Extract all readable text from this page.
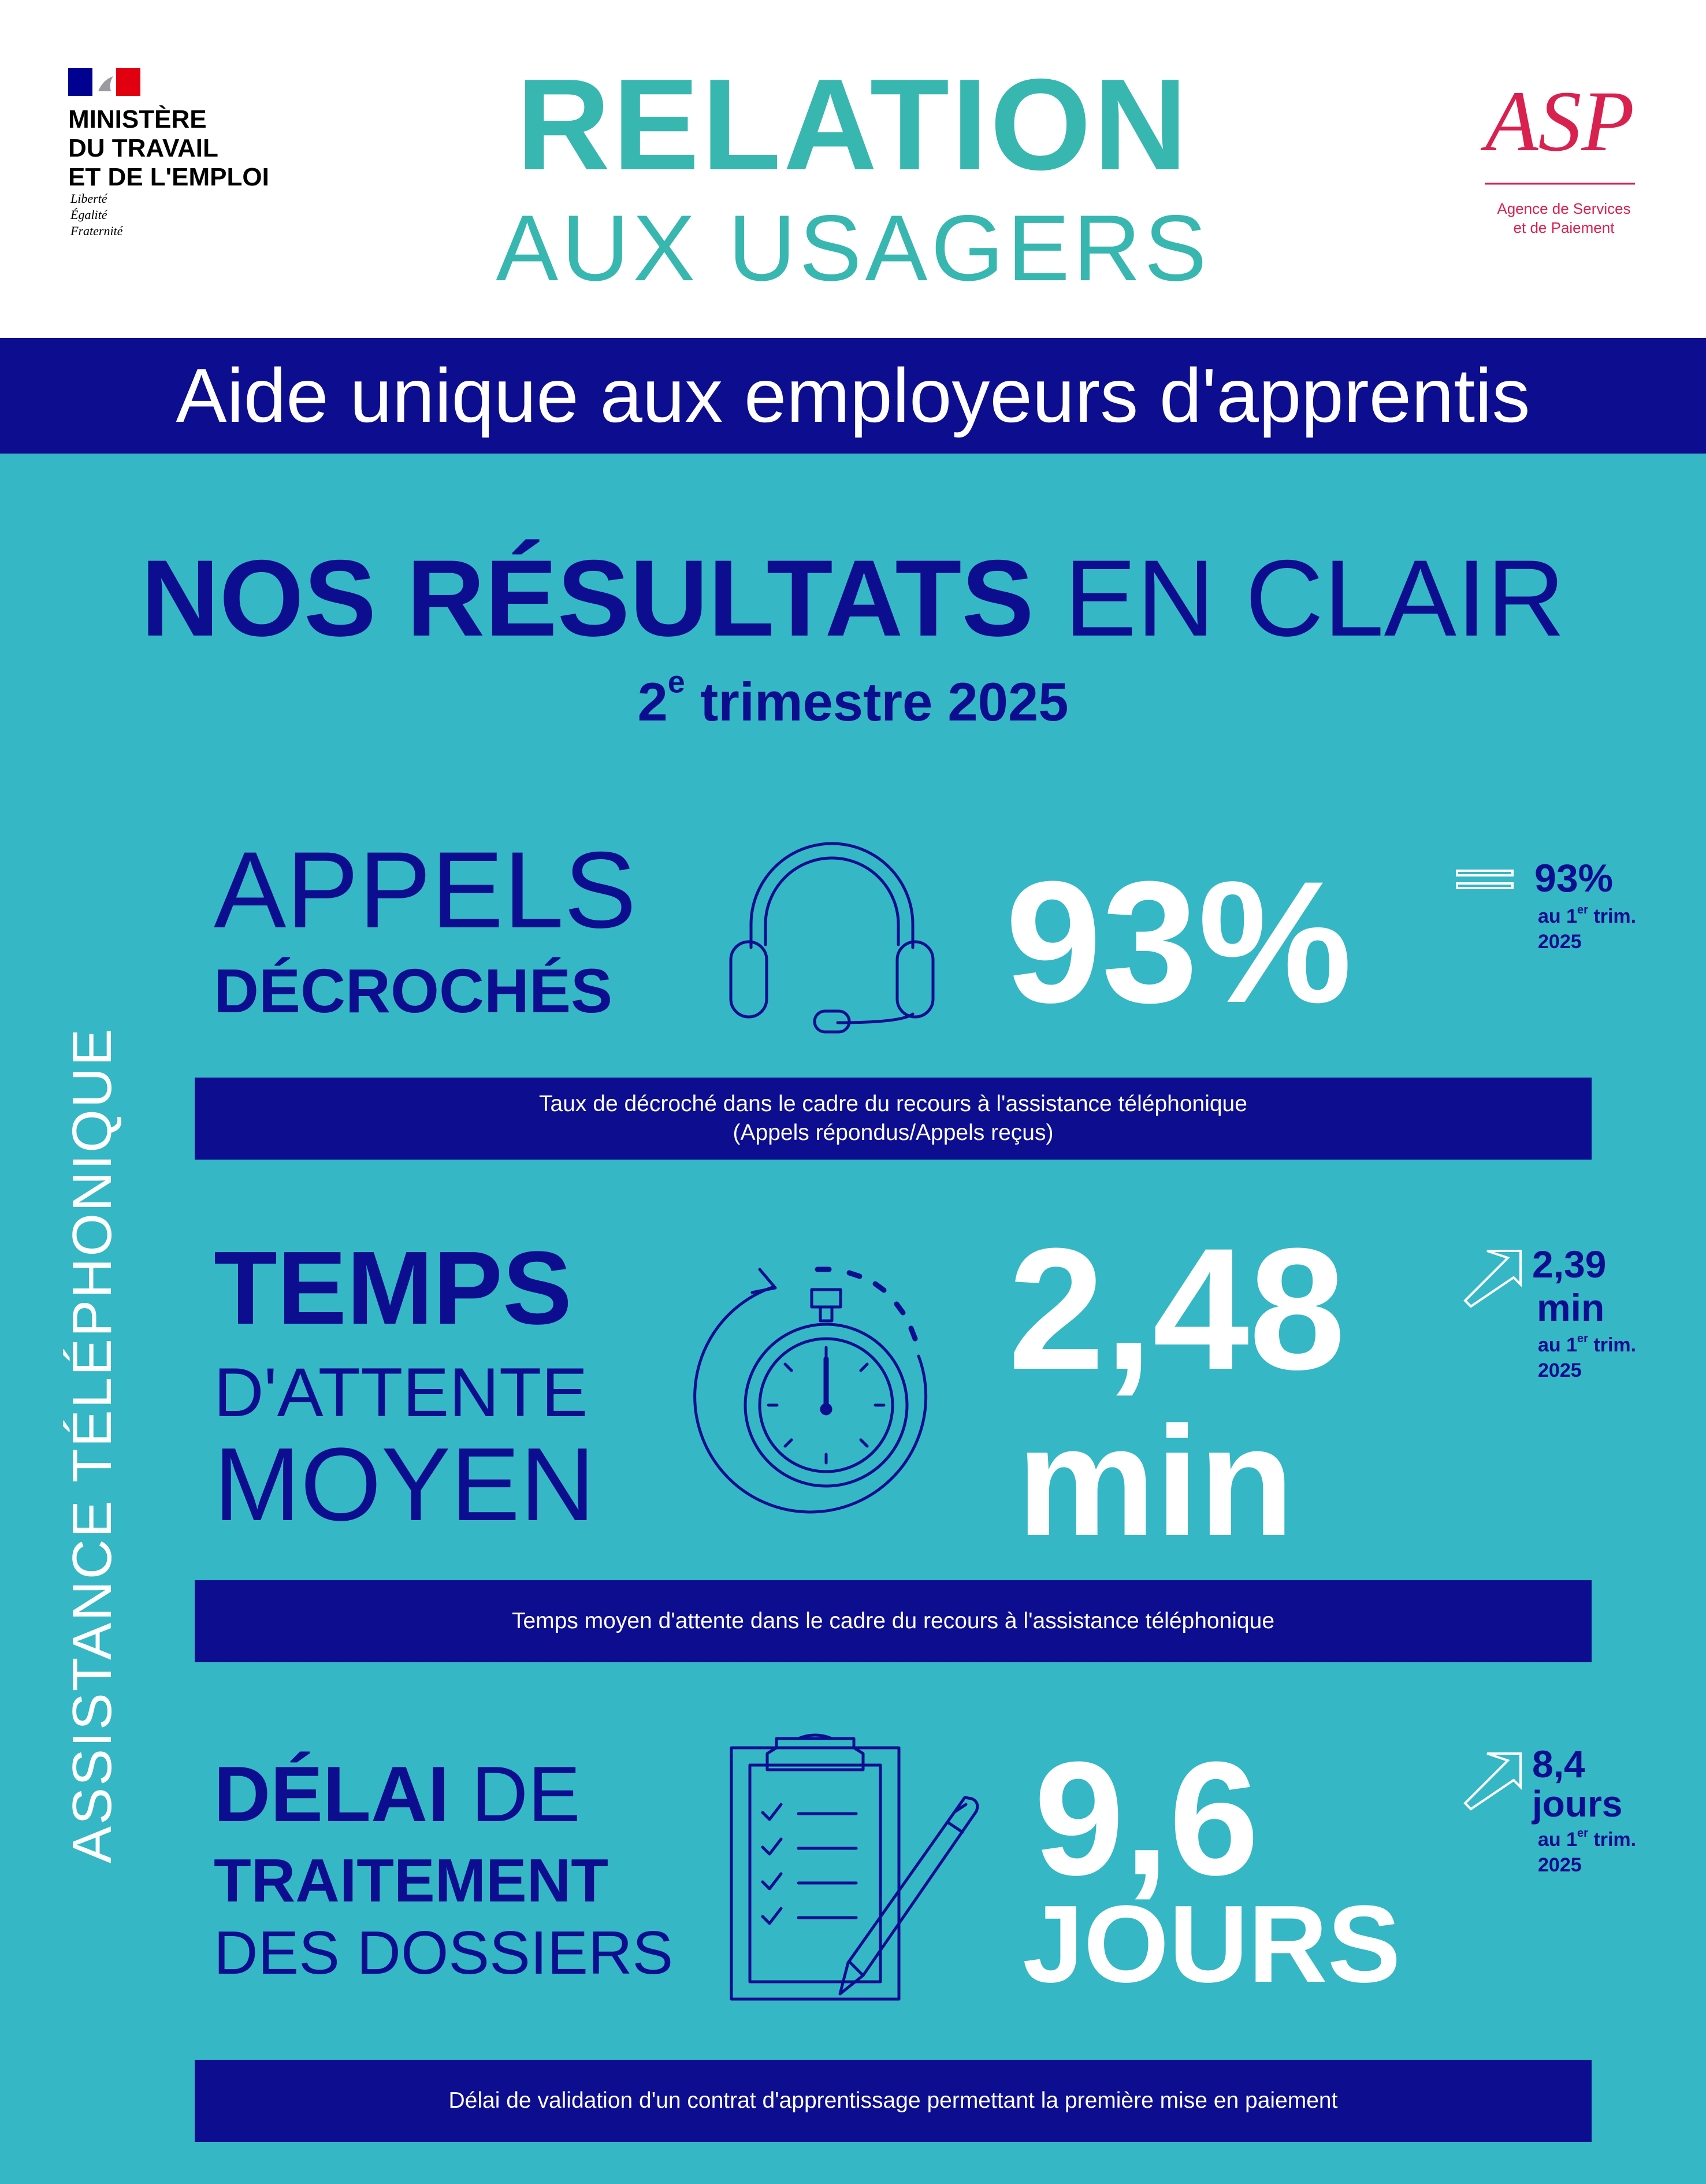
MINISTÈRE
DU TRAVAIL
ET DE L'EMPLOI
Liberté
Égalité
Fraternité
RELATION
AUX USAGERS
ASP
Agence de Services
et de Paiement
Aide unique aux employeurs d'apprentis
NOS RÉSULTATS EN CLAIR
2e trimestre 2025
ASSISTANCE TÉLÉPHONIQUE
APPELS
DÉCROCHÉS 93%	93%
au 1er trim.
2025
Taux de décroché dans le cadre du recours à l'assistance téléphonique
(Appels répondus/Appels reçus)
TEMPS
D'ATTENTE
MOYEN
2,48
min
2,39
min
au 1er trim.
2025
Temps moyen d'attente dans le cadre du recours à l'assistance téléphonique
DÉLAI DE
TRAITEMENT
DES DOSSIERS
9,6
JOURS
8,4
jours
au 1er trim.
2025
Délai de validation d'un contrat d'apprentissage permettant la première mise en paiement
